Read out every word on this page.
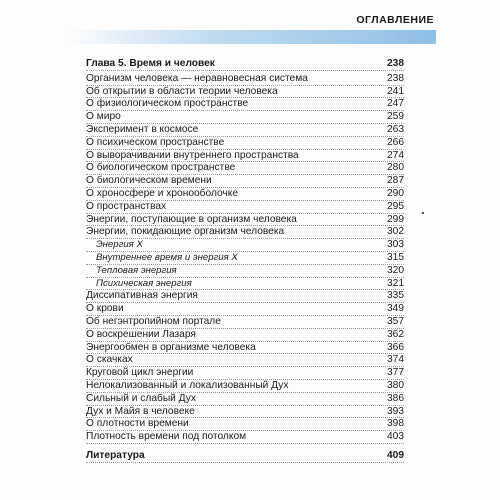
ОГЛАВЛЕНИЕ
Глава 5. Время и человек	238
Организм человека — неравновесная система	238
Об открытии в области теории человека	241
О физиологическом пространстве	247
О миро	259
Эксперимент в космосе	263
О психическом пространстве	266
О выворачивании внутреннего пространства	274
О биологическом пространстве	280
О биологическом времени	287
О хроносфере и хронооболочке	290
О пространствах	295
Энергии, поступающие в организм человека	299
Энергии, покидающие организм человека	302
Энергия X	303
Внутреннее время и энергия X	315
Тепловая энергия	320
Психическая энергия	321
Диссипативная энергия	335
О крови	349
Об негэнтропийном портале	357
О воскрешении Лазаря	362
Энергообмен в организме человека	366
О скачках	374
Круговой цикл энергии	377
Нелокализованный и локализованный Дух	380
Сильный и слабый Дух	386
Дух и Майя в человеке	393
О плотности времени	398
Плотность времени под потолком	403
Литература	409
